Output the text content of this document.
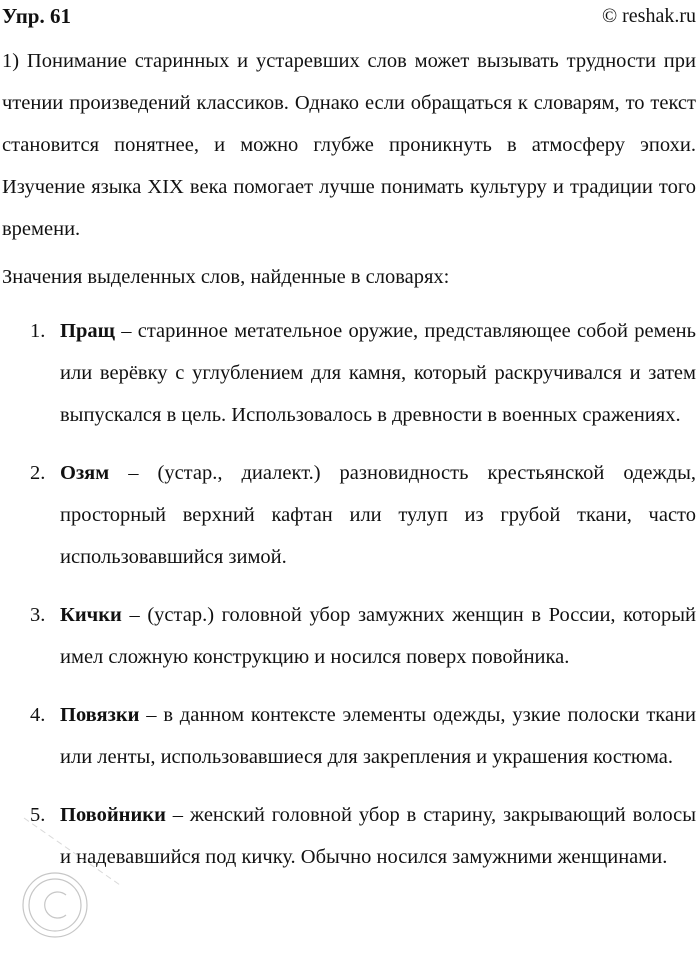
Упр. 61	© reshak.ru

1) Понимание старинных и устаревших слов может вызывать трудности при чтении произведений классиков. Однако если обращаться к словарям, то текст становится понятнее, и можно глубже проникнуть в атмосферу эпохи. Изучение языка XIX века помогает лучше понимать культуру и традиции того времени.

Значения выделенных слов, найденные в словарях:

1. Пращ – старинное метательное оружие, представляющее собой ремень или верёвку с углублением для камня, который раскручивался и затем выпускался в цель. Использовалось в древности в военных сражениях.
2. Озям – (устар., диалект.) разновидность крестьянской одежды, просторный верхний кафтан или тулуп из грубой ткани, часто использовавшийся зимой.
3. Кички – (устар.) головной убор замужних женщин в России, который имел сложную конструкцию и носился поверх повойника.
4. Повязки – в данном контексте элементы одежды, узкие полоски ткани или ленты, использовавшиеся для закрепления и украшения костюма.
5. Повойники – женский головной убор в старину, закрывающий волосы и надевавшийся под кичку. Обычно носился замужними женщинами.
